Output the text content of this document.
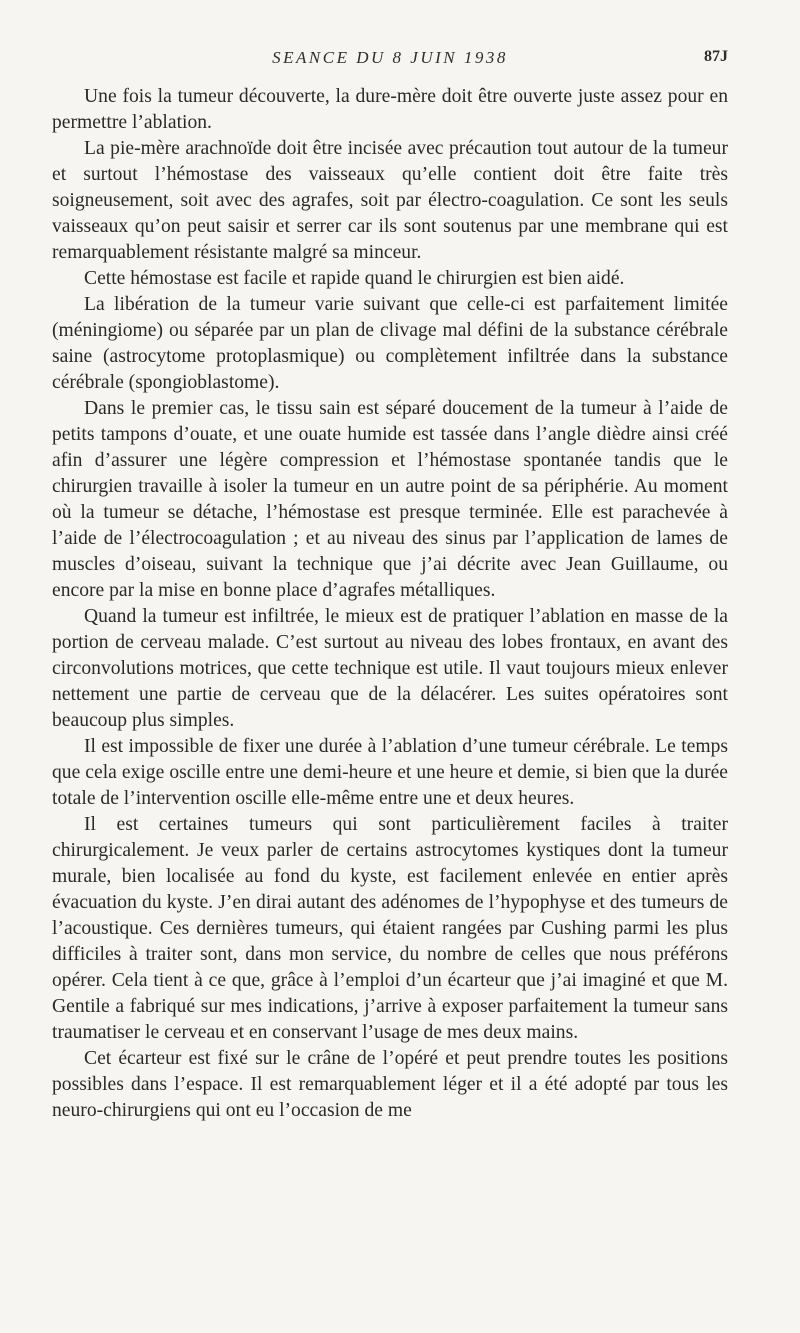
SEANCE DU 8 JUIN 1938	87J

Une fois la tumeur découverte, la dure-mère doit être ouverte juste assez pour en permettre l’ablation.

La pie-mère arachnoïde doit être incisée avec précaution tout autour de la tumeur et surtout l’hémostase des vaisseaux qu’elle contient doit être faite très soigneusement, soit avec des agrafes, soit par électro-coagulation. Ce sont les seuls vaisseaux qu’on peut saisir et serrer car ils sont soutenus par une membrane qui est remarquablement résistante malgré sa minceur.

Cette hémostase est facile et rapide quand le chirurgien est bien aidé.

La libération de la tumeur varie suivant que celle-ci est parfaitement limitée (méningiome) ou séparée par un plan de clivage mal défini de la substance cérébrale saine (astrocytome protoplasmique) ou complètement infiltrée dans la substance cérébrale (spongioblastome).

Dans le premier cas, le tissu sain est séparé doucement de la tumeur à l’aide de petits tampons d’ouate, et une ouate humide est tassée dans l’angle dièdre ainsi créé afin d’assurer une légère compression et l’hémostase spontanée tandis que le chirurgien travaille à isoler la tumeur en un autre point de sa périphérie. Au moment où la tumeur se détache, l’hémostase est presque terminée. Elle est parachevée à l’aide de l’électrocoagulation ; et au niveau des sinus par l’application de lames de muscles d’oiseau, suivant la technique que j’ai décrite avec Jean Guillaume, ou encore par la mise en bonne place d’agrafes métalliques.

Quand la tumeur est infiltrée, le mieux est de pratiquer l’ablation en masse de la portion de cerveau malade. C’est surtout au niveau des lobes frontaux, en avant des circonvolutions motrices, que cette technique est utile. Il vaut toujours mieux enlever nettement une partie de cerveau que de la délacérer. Les suites opératoires sont beaucoup plus simples.

Il est impossible de fixer une durée à l’ablation d’une tumeur cérébrale. Le temps que cela exige oscille entre une demi-heure et une heure et demie, si bien que la durée totale de l’intervention oscille elle-même entre une et deux heures.

Il est certaines tumeurs qui sont particulièrement faciles à traiter chirurgicalement. Je veux parler de certains astrocytomes kystiques dont la tumeur murale, bien localisée au fond du kyste, est facilement enlevée en entier après évacuation du kyste. J’en dirai autant des adénomes de l’hypophyse et des tumeurs de l’acoustique. Ces dernières tumeurs, qui étaient rangées par Cushing parmi les plus difficiles à traiter sont, dans mon service, du nombre de celles que nous préférons opérer. Cela tient à ce que, grâce à l’emploi d’un écarteur que j’ai imaginé et que M. Gentile a fabriqué sur mes indications, j’arrive à exposer parfaitement la tumeur sans traumatiser le cerveau et en conservant l’usage de mes deux mains.

Cet écarteur est fixé sur le crâne de l’opéré et peut prendre toutes les positions possibles dans l’espace. Il est remarquablement léger et il a été adopté par tous les neuro-chirurgiens qui ont eu l’occasion de me
